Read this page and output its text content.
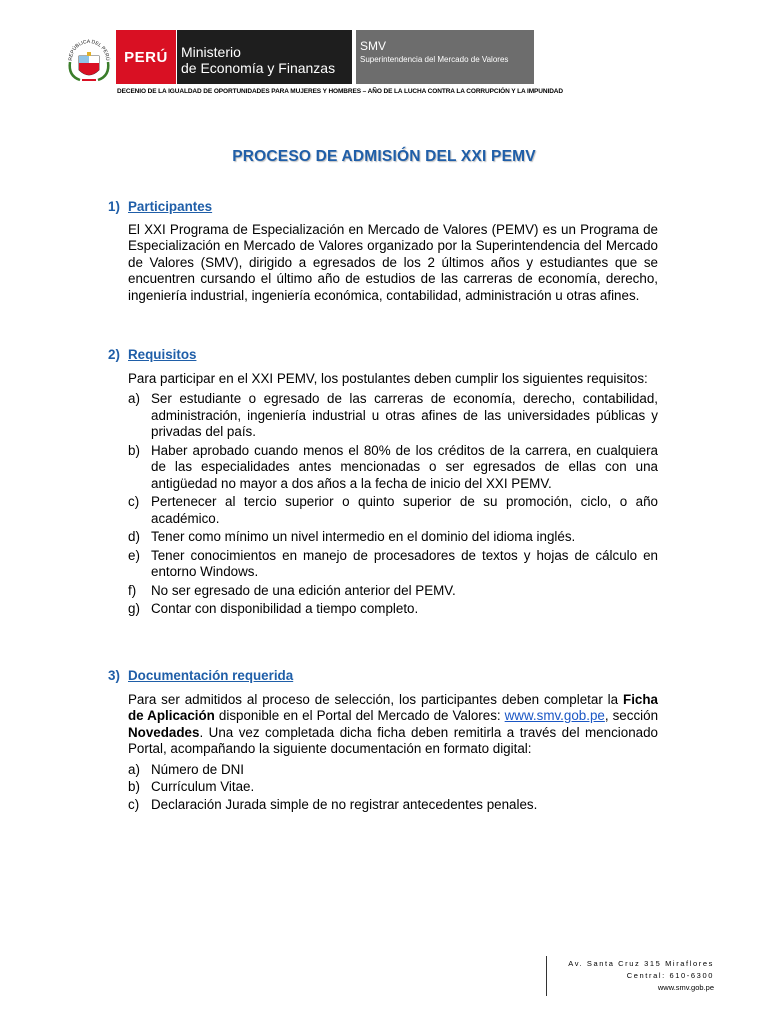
REPÚBLICA DEL PERÚ PERÚ Ministerio
de Economía y Finanzas
SMV
Superintendencia del Mercado de Valores
DECENIO DE LA IGUALDAD DE OPORTUNIDADES PARA MUJERES Y HOMBRES – AÑO DE LA LUCHA CONTRA LA CORRUPCIÓN Y LA IMPUNIDAD
PROCESO DE ADMISIÓN DEL XXI PEMV
1) Participantes
El XXI Programa de Especialización en Mercado de Valores (PEMV) es un Programa de Especialización en Mercado de Valores organizado por la Superintendencia del Mercado de Valores (SMV), dirigido a egresados de los 2 últimos años y estudiantes que se encuentren cursando el último año de estudios de las carreras de economía, derecho, ingeniería industrial, ingeniería económica, contabilidad, administración u otras afines.
2) Requisitos
Para participar en el XXI PEMV, los postulantes deben cumplir los siguientes requisitos:
a) Ser estudiante o egresado de las carreras de economía, derecho, contabilidad, administración, ingeniería industrial u otras afines de las universidades públicas y privadas del país.
b) Haber aprobado cuando menos el 80% de los créditos de la carrera, en cualquiera de las especialidades antes mencionadas o ser egresados de ellas con una antigüedad no mayor a dos años a la fecha de inicio del XXI PEMV.
c) Pertenecer al tercio superior o quinto superior de su promoción, ciclo, o año académico.
d) Tener como mínimo un nivel intermedio en el dominio del idioma inglés.
e) Tener conocimientos en manejo de procesadores de textos y hojas de cálculo en entorno Windows.
f)	No ser egresado de una edición anterior del PEMV.
g) Contar con disponibilidad a tiempo completo.
3) Documentación requerida
Para ser admitidos al proceso de selección, los participantes deben completar la Ficha de Aplicación disponible en el Portal del Mercado de Valores: www.smv.gob.pe, sección Novedades. Una vez completada dicha ficha deben remitirla a través del mencionado Portal, acompañando la siguiente documentación en formato digital:
a) Número de DNI
b) Currículum Vitae.
c) Declaración Jurada simple de no registrar antecedentes penales.
Av. Santa Cruz 315 Miraflores
Central: 610-6300
www.smv.gob.pe
